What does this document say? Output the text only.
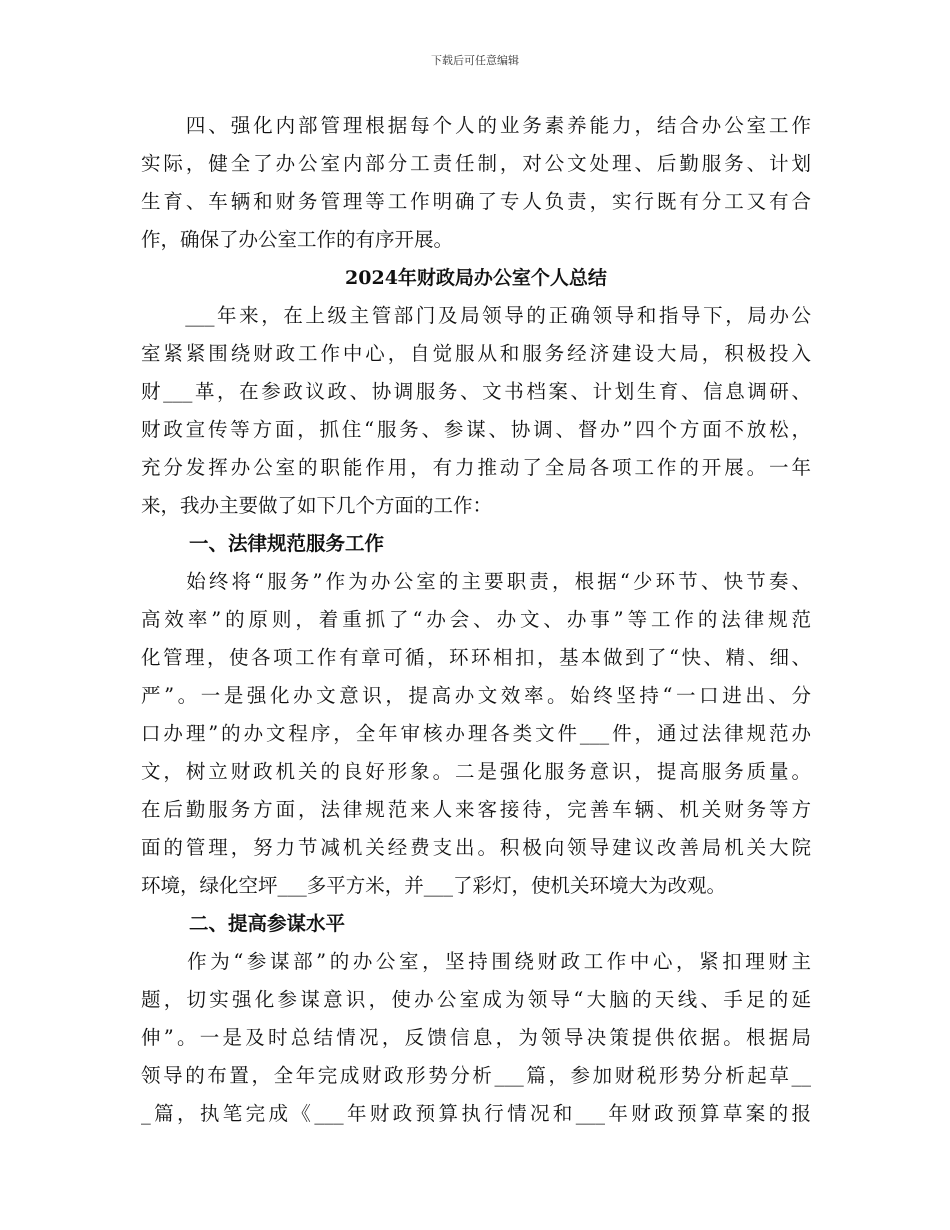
下载后可任意编辑
　　四、强化内部管理根据每个人的业务素养能力，结合办公室工作
实际，健全了办公室内部分工责任制，对公文处理、后勤服务、计划
生育、车辆和财务管理等工作明确了专人负责，实行既有分工又有合
作，确保了办公室工作的有序开展。
2024年财政局办公室个人总结
　　___年来，在上级主管部门及局领导的正确领导和指导下，局办公
室紧紧围绕财政工作中心，自觉服从和服务经济建设大局，积极投入
财___革，在参政议政、协调服务、文书档案、计划生育、信息调研、
财政宣传等方面，抓住“服务、参谋、协调、督办”四个方面不放松，
充分发挥办公室的职能作用，有力推动了全局各项工作的开展。一年
来，我办主要做了如下几个方面的工作：
一、法律规范服务工作
　　始终将“服务”作为办公室的主要职责，根据“少环节、快节奏、
高效率”的原则，着重抓了“办会、办文、办事”等工作的法律规范
化管理，使各项工作有章可循，环环相扣，基本做到了“快、精、细、
严”。一是强化办文意识，提高办文效率。始终坚持“一口进出、分
口办理”的办文程序，全年审核办理各类文件___件，通过法律规范办
文，树立财政机关的良好形象。二是强化服务意识，提高服务质量。
在后勤服务方面，法律规范来人来客接待，完善车辆、机关财务等方
面的管理，努力节减机关经费支出。积极向领导建议改善局机关大院
环境，绿化空坪___多平方米，并___了彩灯，使机关环境大为改观。
二、提高参谋水平
　　作为“参谋部”的办公室，坚持围绕财政工作中心，紧扣理财主
题，切实强化参谋意识，使办公室成为领导“大脑的天线、手足的延
伸”。一是及时总结情况，反馈信息，为领导决策提供依据。根据局
领导的布置，全年完成财政形势分析___篇，参加财税形势分析起草__
_篇，执笔完成《___年财政预算执行情况和___年财政预算草案的报
